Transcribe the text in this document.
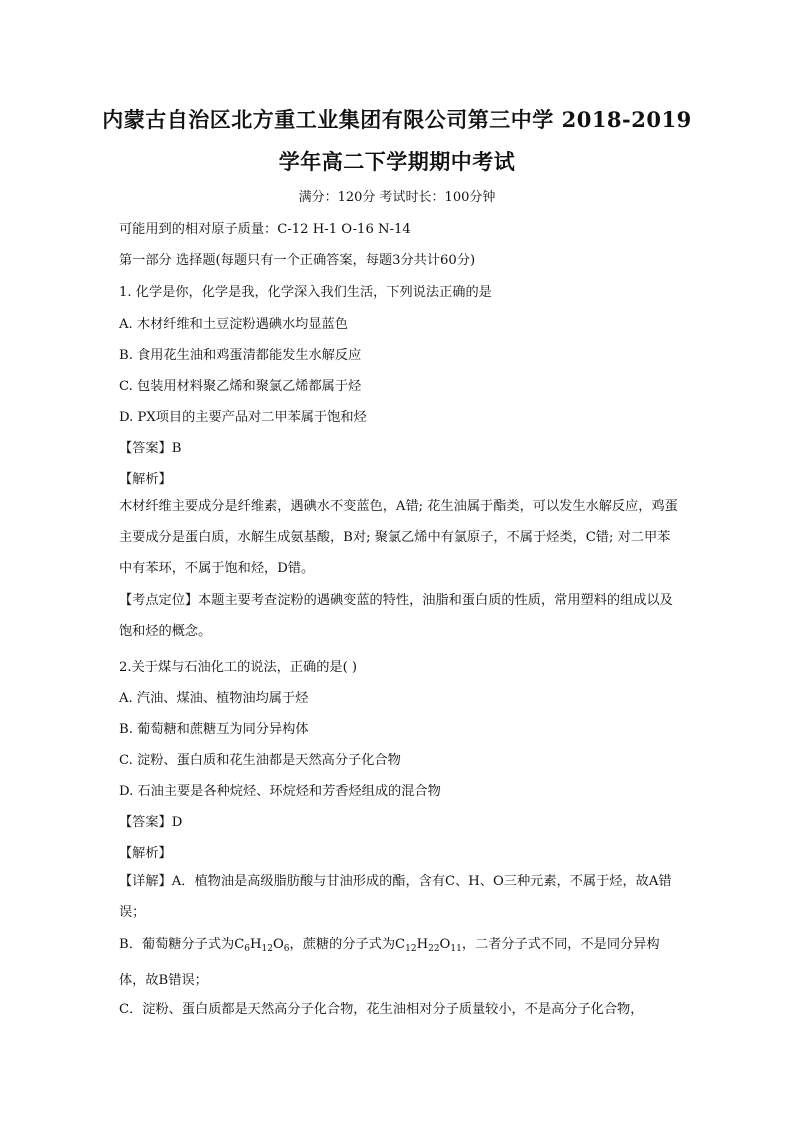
内蒙古自治区北方重工业集团有限公司第三中学 2018-2019
学年高二下学期期中考试
满分：120分 考试时长：100分钟
可能用到的相对原子质量：C-12 H-1 O-16 N-14
第一部分 选择题(每题只有一个正确答案，每题3分共计60分)
1. 化学是你，化学是我，化学深入我们生活，下列说法正确的是
A. 木材纤维和土豆淀粉遇碘水均显蓝色
B. 食用花生油和鸡蛋清都能发生水解反应
C. 包装用材料聚乙烯和聚氯乙烯都属于烃
D. PX项目的主要产品对二甲苯属于饱和烃
【答案】B
【解析】
木材纤维主要成分是纤维素，遇碘水不变蓝色，A错; 花生油属于酯类，可以发生水解反应，鸡蛋主要成分是蛋白质，水解生成氨基酸，B对; 聚氯乙烯中有氯原子，不属于烃类，C错; 对二甲苯中有苯环，不属于饱和烃，D错。
【考点定位】本题主要考查淀粉的遇碘变蓝的特性，油脂和蛋白质的性质，常用塑料的组成以及饱和烃的概念。
2.关于煤与石油化工的说法，正确的是( )
A. 汽油、煤油、植物油均属于烃
B. 葡萄糖和蔗糖互为同分异构体
C. 淀粉、蛋白质和花生油都是天然高分子化合物
D. 石油主要是各种烷烃、环烷烃和芳香烃组成的混合物
【答案】D
【解析】
【详解】A．植物油是高级脂肪酸与甘油形成的酯，含有C、H、O三种元素，不属于烃，故A错误；
B．葡萄糖分子式为$C_6H_{12}O_6$，蔗糖的分子式为$C_{12}H_{22}O_{11}$，二者分子式不同，不是同分异构体，故B错误；
C．淀粉、蛋白质都是天然高分子化合物，花生油相对分子质量较小，不是高分子化合物，
